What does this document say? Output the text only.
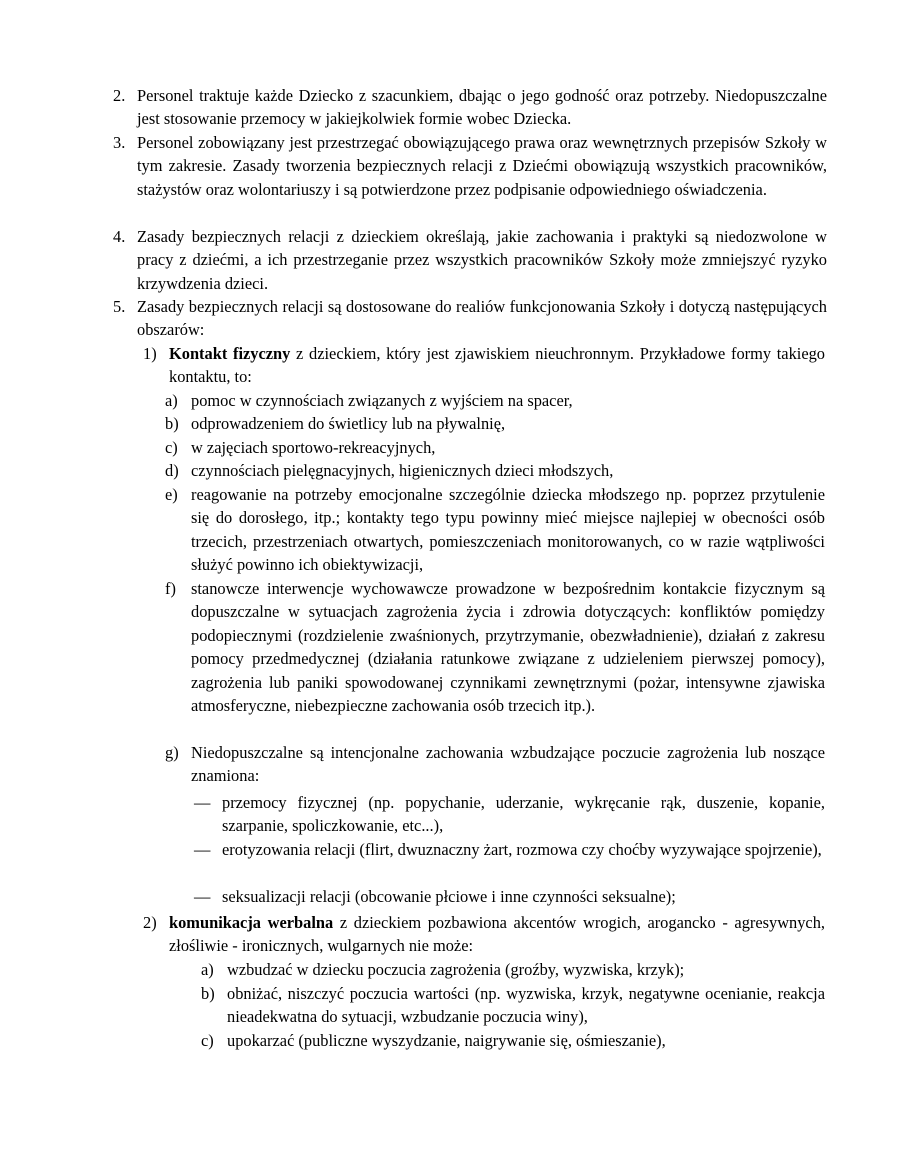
2. Personel traktuje każde Dziecko z szacunkiem, dbając o jego godność oraz potrzeby. Niedopuszczalne jest stosowanie przemocy w jakiejkolwiek formie wobec Dziecka.
3. Personel zobowiązany jest przestrzegać obowiązującego prawa oraz wewnętrznych przepisów Szkoły w tym zakresie. Zasady tworzenia bezpiecznych relacji z Dziećmi obowiązują wszystkich pracowników, stażystów oraz wolontariuszy i są potwierdzone przez podpisanie odpowiedniego oświadczenia.
4. Zasady bezpiecznych relacji z dzieckiem określają, jakie zachowania i praktyki są niedozwolone w pracy z dziećmi, a ich przestrzeganie przez wszystkich pracowników Szkoły może zmniejszyć ryzyko krzywdzenia dzieci.
5. Zasady bezpiecznych relacji są dostosowane do realiów funkcjonowania Szkoły i dotyczą następujących obszarów:
1) Kontakt fizyczny z dzieckiem, który jest zjawiskiem nieuchronnym. Przykładowe formy takiego kontaktu, to:
a) pomoc w czynnościach związanych z wyjściem na spacer,
b) odprowadzeniem do świetlicy lub na pływalnię,
c) w zajęciach sportowo-rekreacyjnych,
d) czynnościach pielęgnacyjnych, higienicznych dzieci młodszych,
e) reagowanie na potrzeby emocjonalne szczególnie dziecka młodszego np. poprzez przytulenie się do dorosłego, itp.; kontakty tego typu powinny mieć miejsce najlepiej w obecności osób trzecich, przestrzeniach otwartych, pomieszczeniach monitorowanych, co w razie wątpliwości służyć powinno ich obiektywizacji,
f) stanowcze interwencje wychowawcze prowadzone w bezpośrednim kontakcie fizycznym są dopuszczalne w sytuacjach zagrożenia życia i zdrowia dotyczących: konfliktów pomiędzy podopiecznymi (rozdzielenie zwaśnionych, przytrzymanie, obezwładnienie), działań z zakresu pomocy przedmedycznej (działania ratunkowe związane z udzieleniem pierwszej pomocy), zagrożenia lub paniki spowodowanej czynnikami zewnętrznymi (pożar, intensywne zjawiska atmosferyczne, niebezpieczne zachowania osób trzecich itp.).
g) Niedopuszczalne są intencjonalne zachowania wzbudzające poczucie zagrożenia lub noszące znamiona:
— przemocy fizycznej (np. popychanie, uderzanie, wykręcanie rąk, duszenie, kopanie, szarpanie, spoliczkowanie, etc...),
— erotyzowania relacji (flirt, dwuznaczny żart, rozmowa czy choćby wyzywające spojrzenie),
— seksualizacji relacji (obcowanie płciowe i inne czynności seksualne);
2) komunikacja werbalna z dzieckiem pozbawiona akcentów wrogich, arogancko - agresywnych, złośliwie - ironicznych, wulgarnych nie może:
a) wzbudzać w dziecku poczucia zagrożenia (groźby, wyzwiska, krzyk);
b) obniżać, niszczyć poczucia wartości (np. wyzwiska, krzyk, negatywne ocenianie, reakcja nieadekwatna do sytuacji, wzbudzanie poczucia winy),
c) upokarzać (publiczne wyszydzanie, naigrywanie się, ośmieszanie),
